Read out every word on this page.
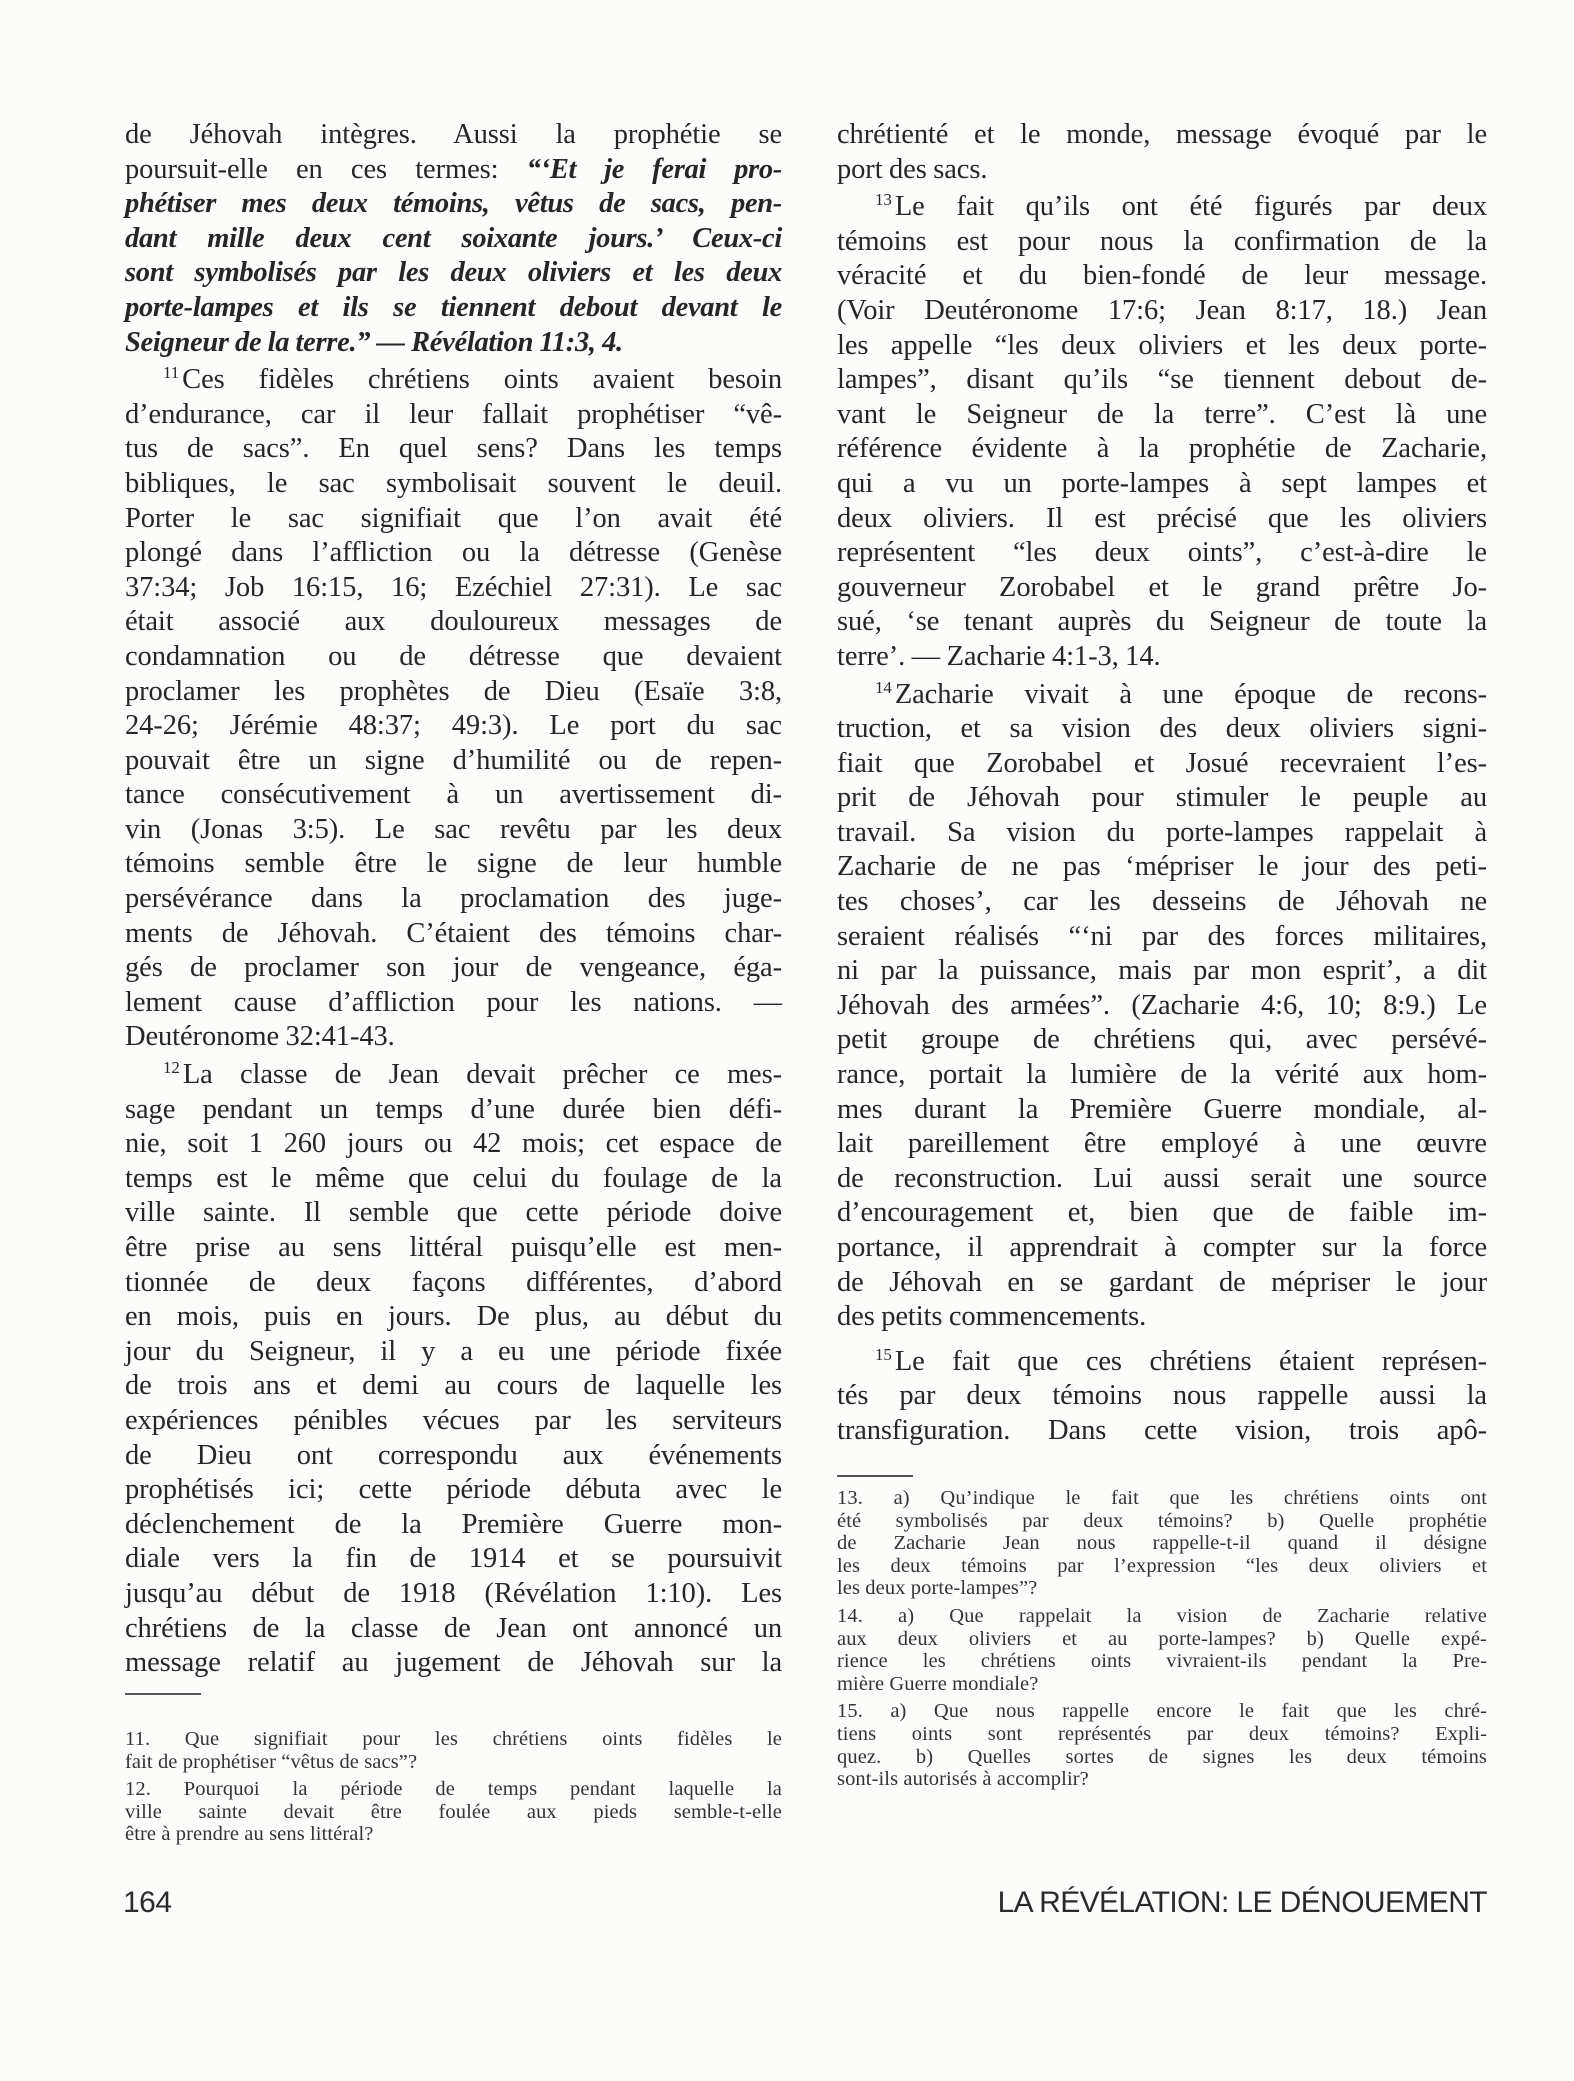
de Jéhovah intègres. Aussi la prophétie se
poursuit-elle en ces termes: “‘Et je ferai pro-
phétiser mes deux témoins, vêtus de sacs, pen-
dant mille deux cent soixante jours.’ Ceux-ci
sont symbolisés par les deux oliviers et les deux
porte-lampes et ils se tiennent debout devant le
Seigneur de la terre.” — Révélation 11:3, 4.
$^{11}$ Ces fidèles chrétiens oints avaient besoin
d’endurance, car il leur fallait prophétiser “vê-
tus de sacs”. En quel sens? Dans les temps
bibliques, le sac symbolisait souvent le deuil.
Porter le sac signifiait que l’on avait été
plongé dans l’affliction ou la détresse (Genèse
37:34; Job 16:15, 16; Ezéchiel 27:31). Le sac
était associé aux douloureux messages de
condamnation ou de détresse que devaient
proclamer les prophètes de Dieu (Esaïe 3:8,
24-26; Jérémie 48:37; 49:3). Le port du sac
pouvait être un signe d’humilité ou de repen-
tance consécutivement à un avertissement di-
vin (Jonas 3:5). Le sac revêtu par les deux
témoins semble être le signe de leur humble
persévérance dans la proclamation des juge-
ments de Jéhovah. C’étaient des témoins char-
gés de proclamer son jour de vengeance, éga-
lement cause d’affliction pour les nations. —
Deutéronome 32:41-43.
$^{12}$ La classe de Jean devait prêcher ce mes-
sage pendant un temps d’une durée bien défi-
nie, soit 1 260 jours ou 42 mois; cet espace de
temps est le même que celui du foulage de la
ville sainte. Il semble que cette période doive
être prise au sens littéral puisqu’elle est men-
tionnée de deux façons différentes, d’abord
en mois, puis en jours. De plus, au début du
jour du Seigneur, il y a eu une période fixée
de trois ans et demi au cours de laquelle les
expériences pénibles vécues par les serviteurs
de Dieu ont correspondu aux événements
prophétisés ici; cette période débuta avec le
déclenchement de la Première Guerre mon-
diale vers la fin de 1914 et se poursuivit
jusqu’au début de 1918 (Révélation 1:10). Les
chrétiens de la classe de Jean ont annoncé un
message relatif au jugement de Jéhovah sur la
11. Que signifiait pour les chrétiens oints fidèles le
fait de prophétiser “vêtus de sacs”?
12. Pourquoi la période de temps pendant laquelle la
ville sainte devait être foulée aux pieds semble-t-elle
être à prendre au sens littéral?
chrétienté et le monde, message évoqué par le
port des sacs.
$^{13}$ Le fait qu’ils ont été figurés par deux
témoins est pour nous la confirmation de la
véracité et du bien-fondé de leur message.
(Voir Deutéronome 17:6; Jean 8:17, 18.) Jean
les appelle “les deux oliviers et les deux porte-
lampes”, disant qu’ils “se tiennent debout de-
vant le Seigneur de la terre”. C’est là une
référence évidente à la prophétie de Zacharie,
qui a vu un porte-lampes à sept lampes et
deux oliviers. Il est précisé que les oliviers
représentent “les deux oints”, c’est-à-dire le
gouverneur Zorobabel et le grand prêtre Jo-
sué, ‘se tenant auprès du Seigneur de toute la
terre’. — Zacharie 4:1-3, 14.
$^{14}$ Zacharie vivait à une époque de recons-
truction, et sa vision des deux oliviers signi-
fiait que Zorobabel et Josué recevraient l’es-
prit de Jéhovah pour stimuler le peuple au
travail. Sa vision du porte-lampes rappelait à
Zacharie de ne pas ‘mépriser le jour des peti-
tes choses’, car les desseins de Jéhovah ne
seraient réalisés “‘ni par des forces militaires,
ni par la puissance, mais par mon esprit’, a dit
Jéhovah des armées”. (Zacharie 4:6, 10; 8:9.) Le
petit groupe de chrétiens qui, avec persévé-
rance, portait la lumière de la vérité aux hom-
mes durant la Première Guerre mondiale, al-
lait pareillement être employé à une œuvre
de reconstruction. Lui aussi serait une source
d’encouragement et, bien que de faible im-
portance, il apprendrait à compter sur la force
de Jéhovah en se gardant de mépriser le jour
des petits commencements.
$^{15}$ Le fait que ces chrétiens étaient représen-
tés par deux témoins nous rappelle aussi la
transfiguration. Dans cette vision, trois apô-
13. a) Qu’indique le fait que les chrétiens oints ont
été symbolisés par deux témoins? b) Quelle prophétie
de Zacharie Jean nous rappelle-t-il quand il désigne
les deux témoins par l’expression “les deux oliviers et
les deux porte-lampes”?
14. a) Que rappelait la vision de Zacharie relative
aux deux oliviers et au porte-lampes? b) Quelle expé-
rience les chrétiens oints vivraient-ils pendant la Pre-
mière Guerre mondiale?
15. a) Que nous rappelle encore le fait que les chré-
tiens oints sont représentés par deux témoins? Expli-
quez. b) Quelles sortes de signes les deux témoins
sont-ils autorisés à accomplir?
164	LA RÉVÉLATION: LE DÉNOUEMENT
